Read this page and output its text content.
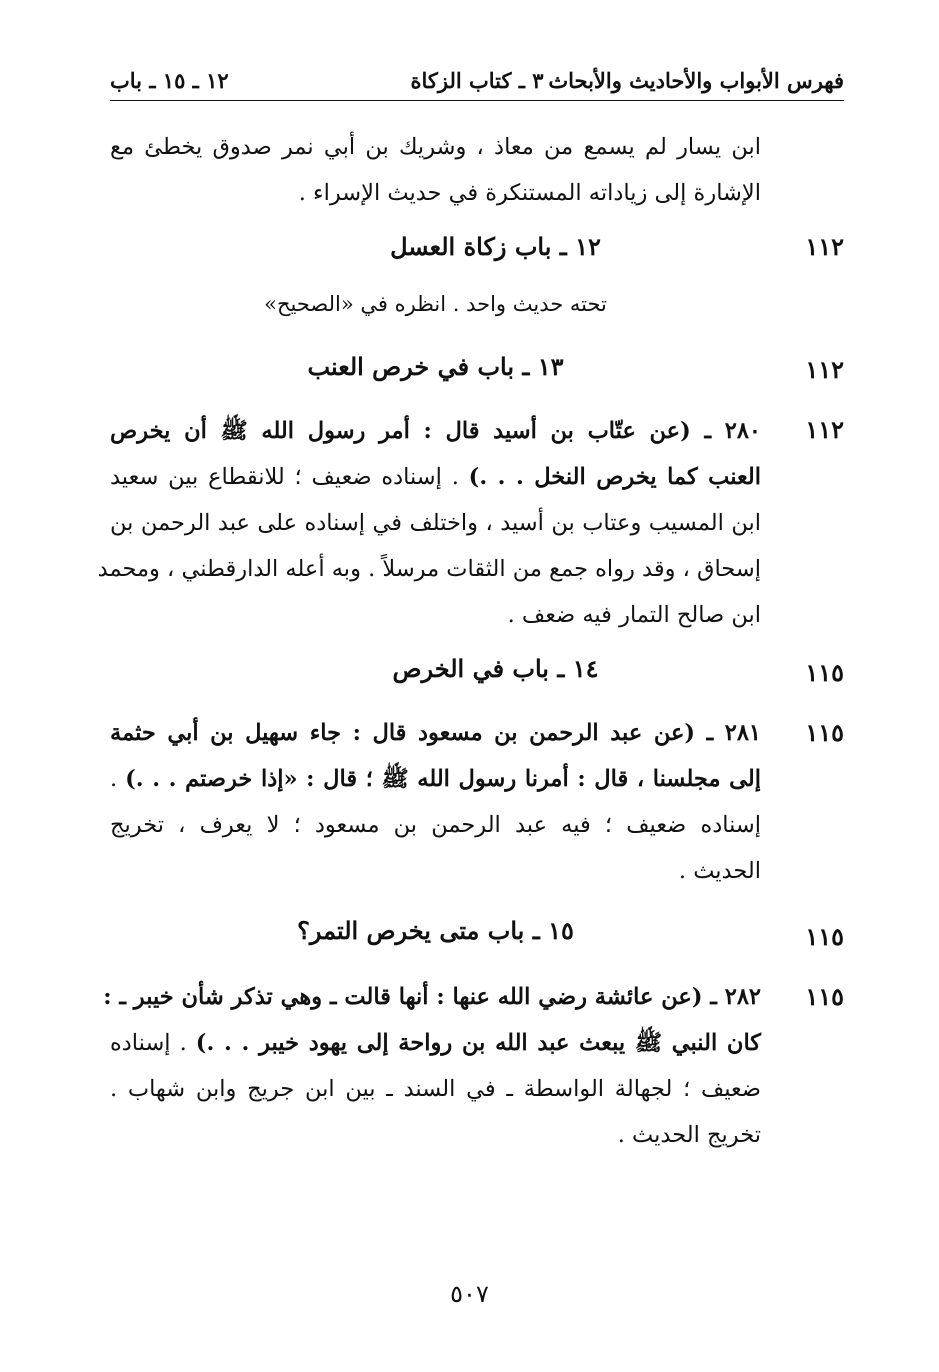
فهرس الأبواب والأحاديث والأبحاث
٣ ـ كتاب الزكاة
١٢ ـ ١٥ ـ باب
ابن يسار لم يسمع من معاذ ، وشريك بن أبي نمر صدوق يخطئ مع
الإشارة إلى زياداته المستنكرة في حديث الإسراء .
١١٢
١٢ ـ باب زكاة العسل
تحته حديث واحد . انظره في «الصحيح»
١١٢
١٣ ـ باب في خرص العنب
١١٢
٢٨٠ ـ (عن عتّاب بن أسيد قال : أمر رسول الله ﷺ أن يخرص
العنب كما يخرص النخل . . .) . إسناده ضعيف ؛ للانقطاع بين سعيد
ابن المسيب وعتاب بن أسيد ، واختلف في إسناده على عبد الرحمن بن
إسحاق ، وقد رواه جمع من الثقات مرسلاً . وبه أعله الدارقطني ، ومحمد
ابن صالح التمار فيه ضعف .
١١٥
١٤ ـ باب في الخرص
١١٥
٢٨١ ـ (عن عبد الرحمن بن مسعود قال : جاء سهيل بن أبي حثمة
إلى مجلسنا ، قال : أمرنا رسول الله ﷺ ؛ قال : «إذا خرصتم . . .) .
إسناده ضعيف ؛ فيه عبد الرحمن بن مسعود ؛ لا يعرف ، تخريج
الحديث .
١١٥
١٥ ـ باب متى يخرص التمر؟
١١٥
٢٨٢ ـ (عن عائشة رضي الله عنها : أنها قالت ـ وهي تذكر شأن خيبر ـ :
كان النبي ﷺ يبعث عبد الله بن رواحة إلى يهود خيبر . . .) . إسناده
ضعيف ؛ لجهالة الواسطة ـ في السند ـ بين ابن جريج وابن شهاب .
تخريج الحديث .
٥٠٧
